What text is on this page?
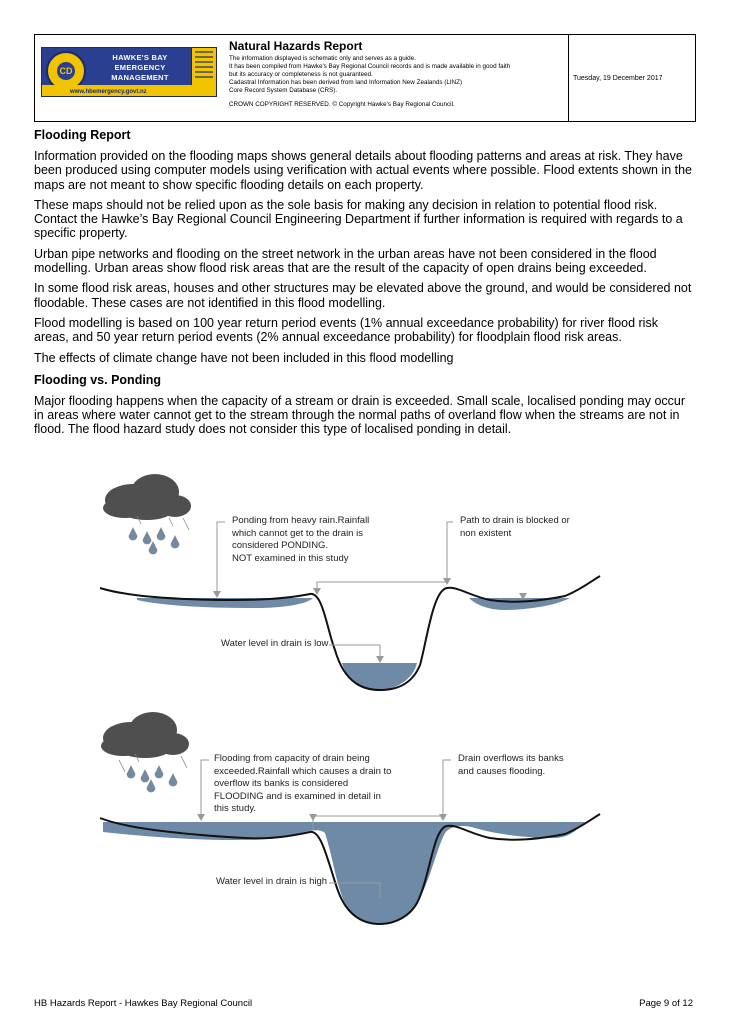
CD
HAWKE'S BAY
EMERGENCY MANAGEMENT
www.hbemergency.govt.nz
Natural Hazards Report
The information displayed is schematic only and serves as a guide.
It has been compiled from Hawke's Bay Regional Council records and is made available in good faith
but its accuracy or completeness is not guaranteed.
Cadastral Information has been derived from land Information New Zealands (LINZ)
Core Record System Database (CRS).
CROWN COPYRIGHT RESERVED. © Copyright Hawke's Bay Regional Council.
Tuesday, 19 December 2017
Flooding Report

Information provided on the flooding maps shows general details about flooding patterns and areas at risk. They have been produced using computer models using verification with actual events where possible. Flood extents shown in the maps are not meant to show specific flooding details on each property.

These maps should not be relied upon as the sole basis for making any decision in relation to potential flood risk. Contact the Hawke’s Bay Regional Council Engineering Department if further information is required with regards to a specific property.

Urban pipe networks and flooding on the street network in the urban areas have not been considered in the flood modelling. Urban areas show flood risk areas that are the result of the capacity of open drains being exceeded.

In some flood risk areas, houses and other structures may be elevated above the ground, and would be considered not floodable. These cases are not identified in this flood modelling.

Flood modelling is based on 100 year return period events (1% annual exceedance probability) for river flood risk areas, and 50 year return period events (2% annual exceedance probability) for floodplain flood risk areas.

The effects of climate change have not been included in this flood modelling

Flooding vs. Ponding

Major flooding happens when the capacity of a stream or drain is exceeded. Small scale, localised ponding may occur in areas where water cannot get to the stream through the normal paths of overland flow when the streams are not in flood. The flood hazard study does not consider this type of localised ponding in detail.

Ponding from heavy rain.Rainfall
which cannot get to the drain is
considered PONDING.
NOT examined in this study
Path to drain is blocked or
non existent
Water level in drain is low
Flooding from capacity of drain being
exceeded.Rainfall which causes a drain to
overflow its banks is considered
FLOODING and is examined in detail in
this study.
Drain overflows its banks
and causes flooding.
Water level in drain is high
HB Hazards Report - Hawkes Bay Regional Council	Page 9 of 12
